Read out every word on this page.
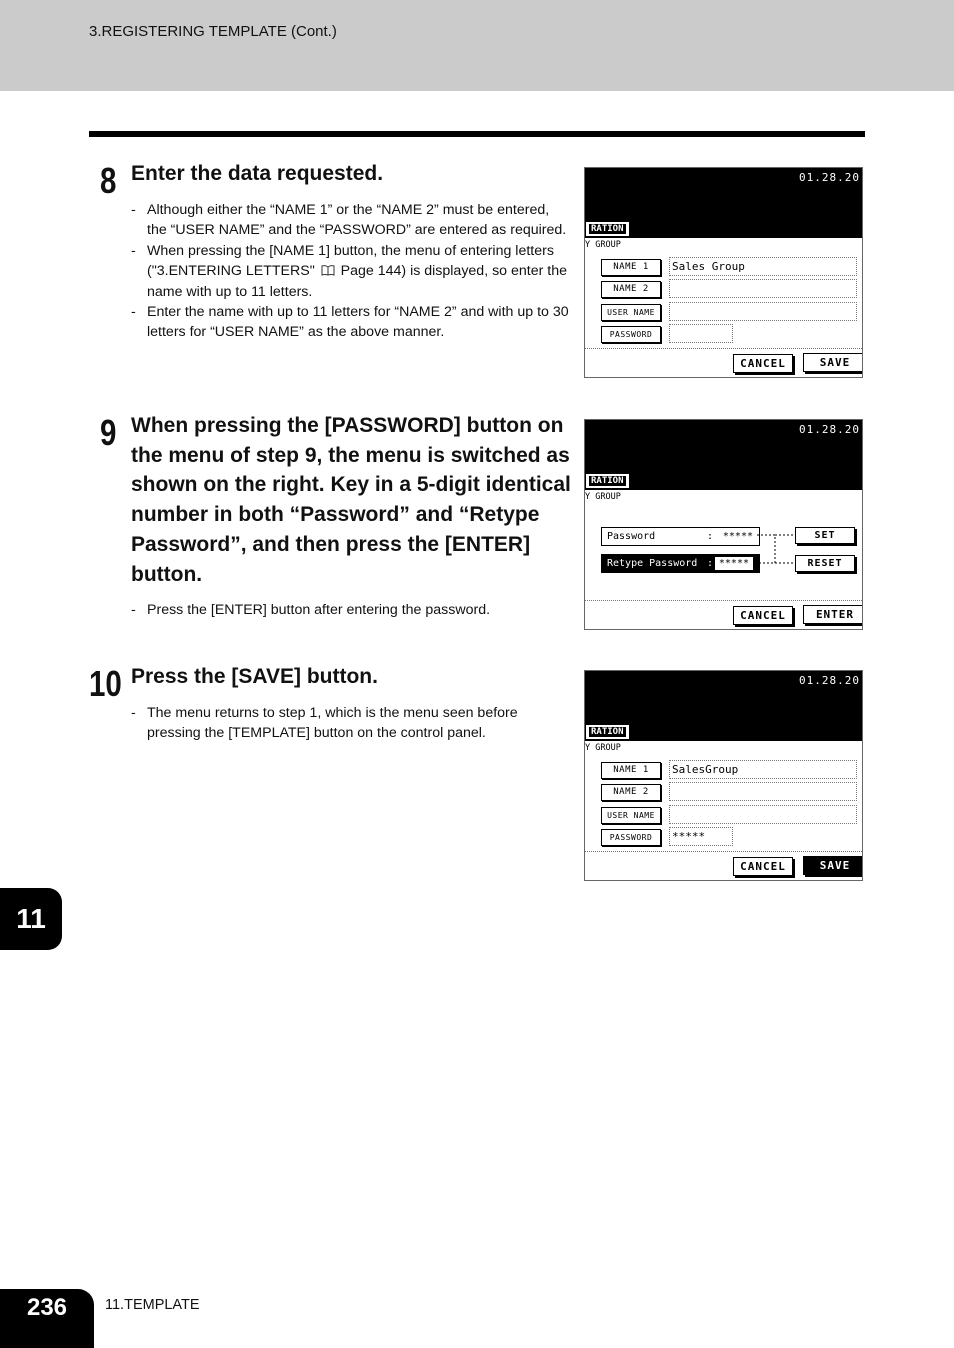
3.REGISTERING TEMPLATE (Cont.)
8 Enter the data requested.
- Although either the “NAME 1” or the “NAME 2” must be entered, the “USER NAME” and the “PASSWORD” are entered as required.
- When pressing the [NAME 1] button, the menu of entering letters ("3.ENTERING LETTERS" Page 144) is displayed, so enter the name with up to 11 letters.
- Enter the name with up to 11 letters for “NAME 2” and with up to 30 letters for “USER NAME” as the above manner.
01.28.20
RATION
Y GROUP
NAME 1	Sales Group
NAME 2
USER NAME
PASSWORD
CANCEL	SAVE
9 When pressing the [PASSWORD] button on the menu of step 9, the menu is switched as shown on the right. Key in a 5-digit identical number in both “Password” and “Retype Password”, and then press the [ENTER] button.
- Press the [ENTER] button after entering the password.
01.28.20
RATION
Y GROUP
Password	: *****
Retype Password : *****
SET
RESET
CANCEL	ENTER
10 Press the [SAVE] button.
- The menu returns to step 1, which is the menu seen before pressing the [TEMPLATE] button on the control panel.
01.28.20
RATION
Y GROUP
NAME 1	SalesGroup
NAME 2
USER NAME
PASSWORD	*****
CANCEL	SAVE
11
236	11.TEMPLATE
